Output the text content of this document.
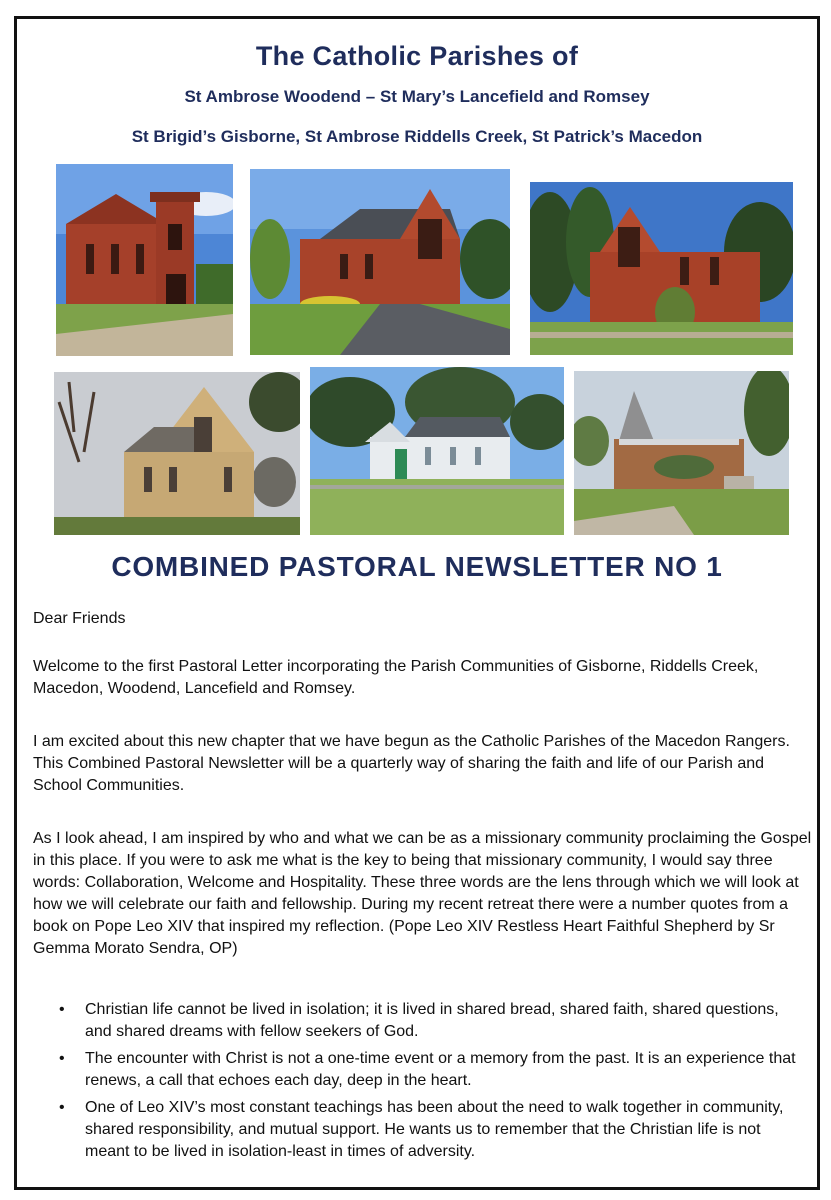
The Catholic Parishes of
St Ambrose Woodend – St Mary’s Lancefield and Romsey
St Brigid’s Gisborne, St Ambrose Riddells Creek, St Patrick’s Macedon
COMBINED PASTORAL NEWSLETTER NO 1
Dear Friends
Welcome to the first Pastoral Letter incorporating the Parish Communities of Gisborne, Riddells Creek, Macedon, Woodend, Lancefield and Romsey.
I am excited about this new chapter that we have begun as the Catholic Parishes of the Macedon Rangers. This Combined Pastoral Newsletter will be a quarterly way of sharing the faith and life of our Parish and School Communities.
As I look ahead, I am inspired by who and what we can be as a missionary community proclaiming the Gospel in this place. If you were to ask me what is the key to being that missionary community, I would say three words: Collaboration, Welcome and Hospitality. These three words are the lens through which we will look at how we will celebrate our faith and fellowship. During my recent retreat there were a number quotes from a book on Pope Leo XIV that inspired my reflection. (Pope Leo XIV Restless Heart Faithful Shepherd by Sr Gemma Morato Sendra, OP)
• Christian life cannot be lived in isolation; it is lived in shared bread, shared faith, shared questions, and shared dreams with fellow seekers of God.
• The encounter with Christ is not a one-time event or a memory from the past. It is an experience that renews, a call that echoes each day, deep in the heart.
• One of Leo XIV’s most constant teachings has been about the need to walk together in community, shared responsibility, and mutual support. He wants us to remember that the Christian life is not meant to be lived in isolation-least in times of adversity.
